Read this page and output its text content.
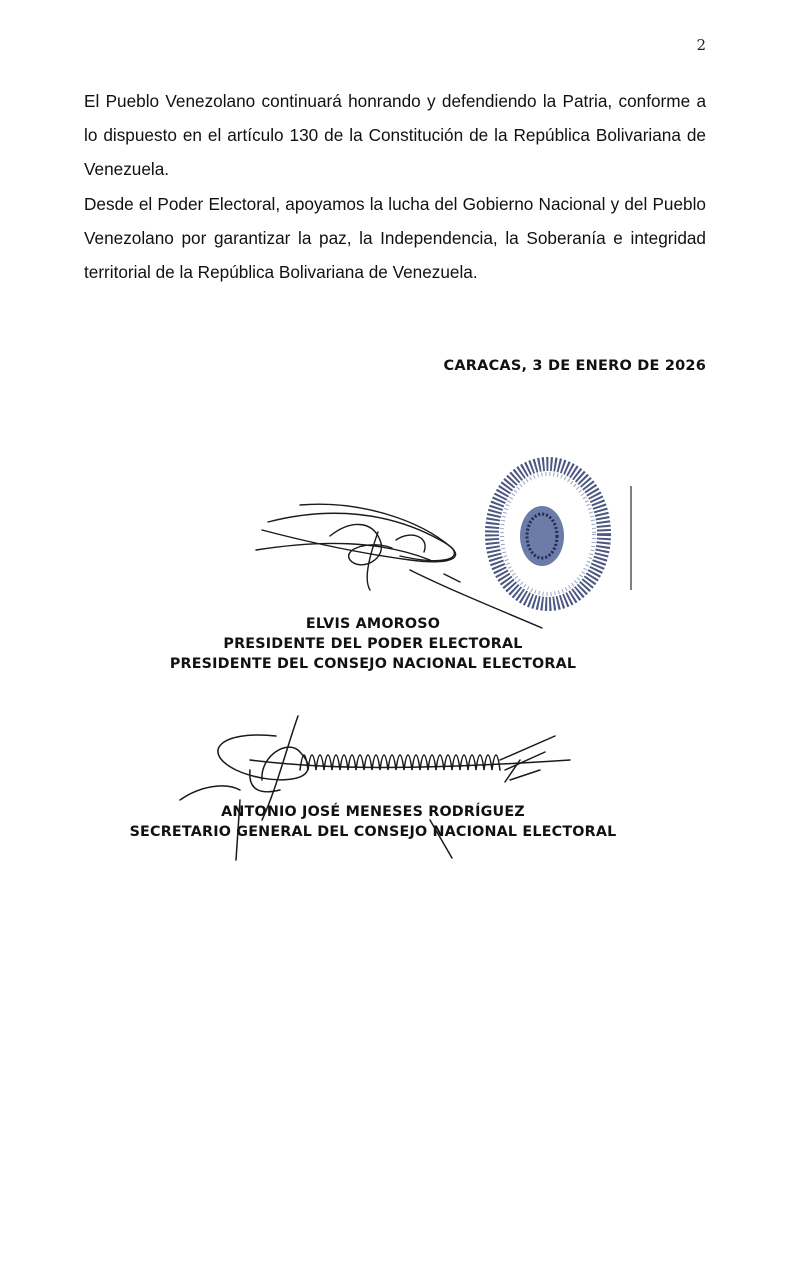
2

El Pueblo Venezolano continuará honrando y defendiendo la Patria, conforme a lo dispuesto en el artículo 130 de la Constitución de la República Bolivariana de Venezuela.

Desde el Poder Electoral, apoyamos la lucha del Gobierno Nacional y del Pueblo Venezolano por garantizar la paz, la Independencia, la Soberanía e integridad territorial de la República Bolivariana de Venezuela.

CARACAS, 3 DE ENERO DE 2026
ELVIS AMOROSO
PRESIDENTE DEL PODER ELECTORAL
PRESIDENTE DEL CONSEJO NACIONAL ELECTORAL
ANTONIO JOSÉ MENESES RODRÍGUEZ
SECRETARIO GENERAL DEL CONSEJO NACIONAL ELECTORAL
